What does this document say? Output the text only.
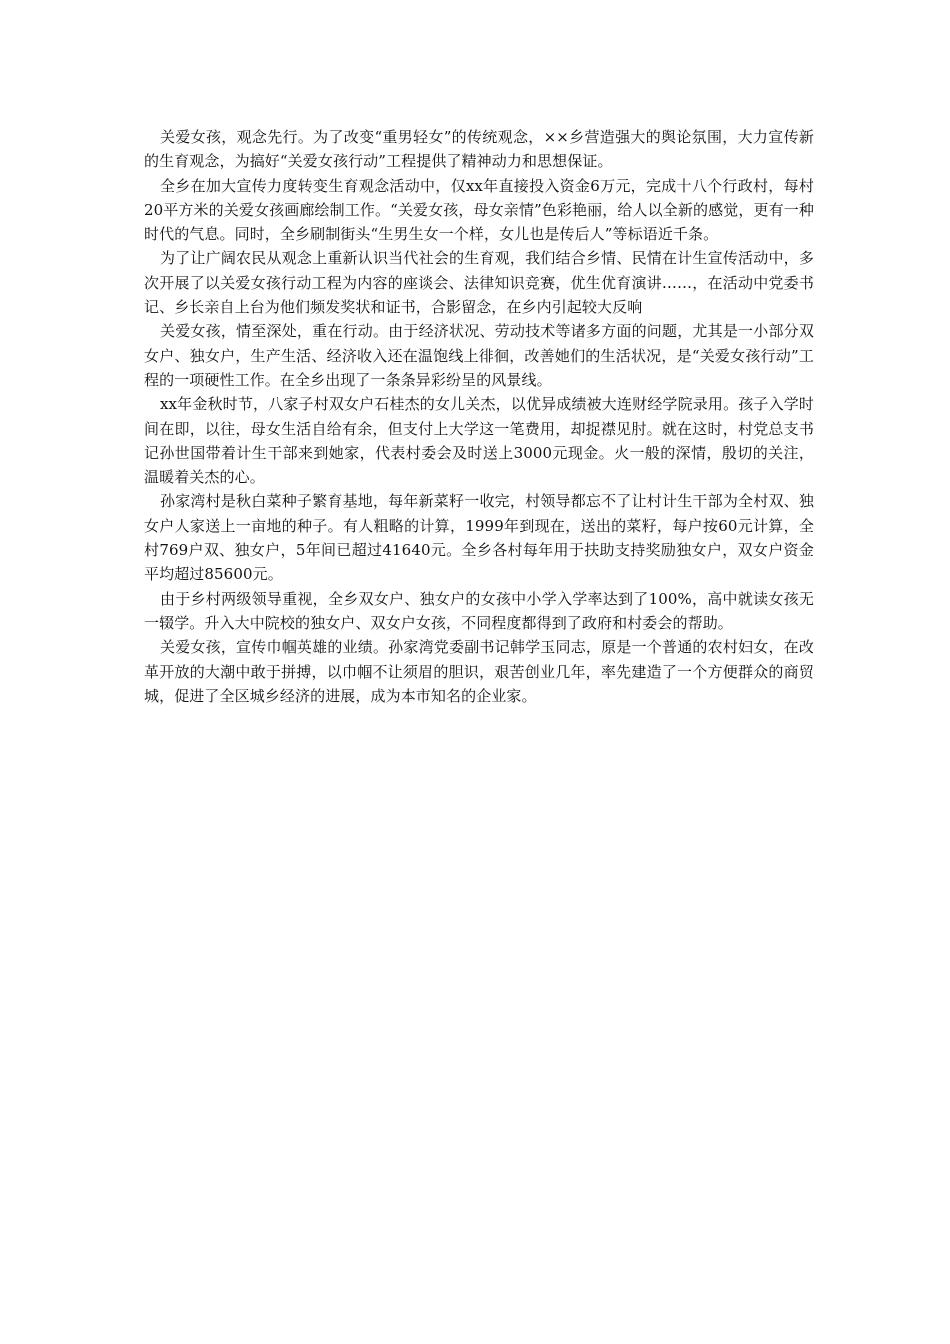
关爱女孩，观念先行。为了改变“重男轻女”的传统观念，××乡营造强大的舆论氛围，大力宣传新的生育观念，为搞好“关爱女孩行动”工程提供了精神动力和思想保证。

全乡在加大宣传力度转变生育观念活动中，仅xx年直接投入资金6万元，完成十八个行政村，每村20平方米的关爱女孩画廊绘制工作。“关爱女孩，母女亲情”色彩艳丽，给人以全新的感觉，更有一种时代的气息。同时，全乡刷制街头“生男生女一个样，女儿也是传后人”等标语近千条。

为了让广阔农民从观念上重新认识当代社会的生育观，我们结合乡情、民情在计生宣传活动中，多次开展了以关爱女孩行动工程为内容的座谈会、法律知识竞赛，优生优育演讲……，在活动中党委书记、乡长亲自上台为他们频发奖状和证书，合影留念，在乡内引起较大反响

关爱女孩，情至深处，重在行动。由于经济状况、劳动技术等诸多方面的问题，尤其是一小部分双女户、独女户，生产生活、经济收入还在温饱线上徘徊，改善她们的生活状况，是“关爱女孩行动”工程的一项硬性工作。在全乡出现了一条条异彩纷呈的风景线。

xx年金秋时节，八家子村双女户石桂杰的女儿关杰，以优异成绩被大连财经学院录用。孩子入学时间在即，以往，母女生活自给有余，但支付上大学这一笔费用，却捉襟见肘。就在这时，村党总支书记孙世国带着计生干部来到她家，代表村委会及时送上3000元现金。火一般的深情，殷切的关注，温暖着关杰的心。

孙家湾村是秋白菜种子繁育基地，每年新菜籽一收完，村领导都忘不了让村计生干部为全村双、独女户人家送上一亩地的种子。有人粗略的计算，1999年到现在，送出的菜籽，每户按60元计算，全村769户双、独女户，5年间已超过41640元。全乡各村每年用于扶助支持奖励独女户，双女户资金平均超过85600元。

由于乡村两级领导重视，全乡双女户、独女户的女孩中小学入学率达到了100%，高中就读女孩无一辍学。升入大中院校的独女户、双女户女孩，不同程度都得到了政府和村委会的帮助。

关爱女孩，宣传巾帼英雄的业绩。孙家湾党委副书记韩学玉同志，原是一个普通的农村妇女，在改革开放的大潮中敢于拼搏，以巾帼不让须眉的胆识，艰苦创业几年，率先建造了一个方便群众的商贸城，促进了全区城乡经济的进展，成为本市知名的企业家。
